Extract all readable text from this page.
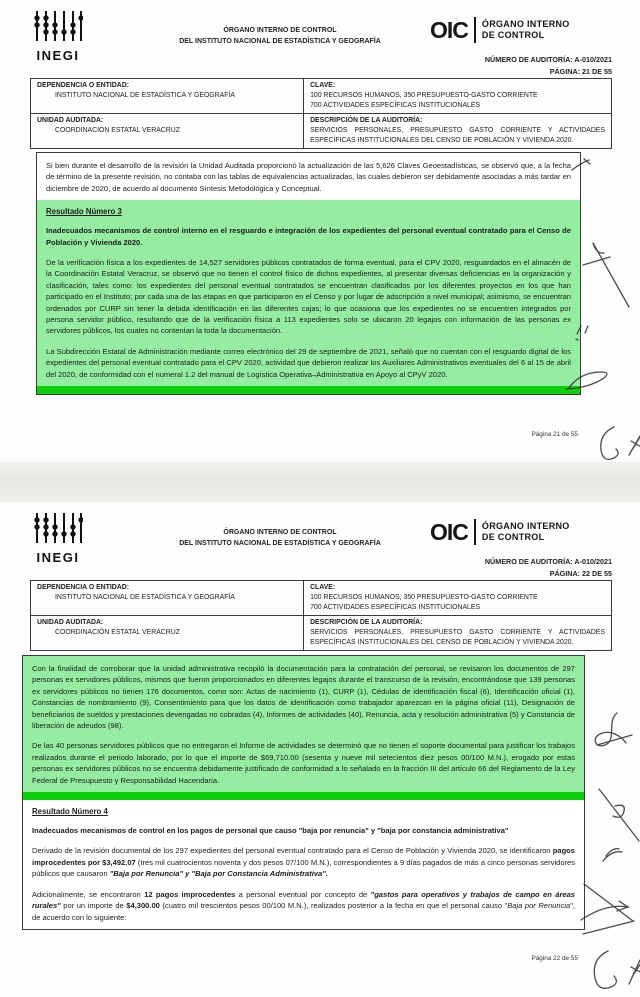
INEGI
ÓRGANO INTERNO DE CONTROL
DEL INSTITUTO NACIONAL DE ESTADÍSTICA Y GEOGRAFÍA	OIC ÓRGANO INTERNO
DE CONTROL
NÚMERO DE AUDITORÍA: A-010/2021
PÁGINA: 21 DE 55
DEPENDENCIA O ENTIDAD:
INSTITUTO NACIONAL DE ESTADÍSTICA Y GEOGRAFÍA

CLAVE:
100 RECURSOS HUMANOS, 350 PRESUPUESTO-GASTO CORRIENTE
700 ACTIVIDADES ESPECÍFICAS INSTITUCIONALES

UNIDAD AUDITADA:
COORDINACIÓN ESTATAL VERACRUZ

DESCRIPCIÓN DE LA AUDITORÍA:
SERVICIOS PERSONALES, PRESUPUESTO GASTO CORRIENTE Y ACTIVIDADES ESPECÍFICAS INSTITUCIONALES DEL CENSO DE POBLACIÓN Y VIVIENDA 2020.

Si bien durante el desarrollo de la revisión la Unidad Auditada proporcionó la actualización de las 5,626 Claves Geoestadísticas, se observó que, a la fecha de término de la presente revisión, no contaba con las tablas de equivalencias actualizadas, las cuales debieron ser debidamente asociadas a más tardar en diciembre de 2020, de acuerdo al documento Síntesis Metodológica y Conceptual.

Resultado Número 3

Inadecuados mecanismos de control interno en el resguardo e integración de los expedientes del personal eventual contratado para el Censo de Población y Vivienda 2020.

De la verificación física a los expedientes de 14,527 servidores públicos contratados de forma eventual, para el CPV 2020, resguardados en el almacén de la Coordinación Estatal Veracruz, se observó que no tienen el control físico de dichos expedientes, al presentar diversas deficiencias en la organización y clasificación, tales como: los expedientes del personal eventual contratados se encuentran clasificados por los diferentes proyectos en los que han participado en el Instituto; por cada una de las etapas en que participaron en el Censo y por lugar de adscripción a nivel municipal; asimismo, se encuentran ordenados por CURP sin tener la debida identificación en las diferentes cajas; lo que ocasiona que los expedientes no se encuentren integrados por persona servidor público, resultando que de la verificación física a 113 expedientes solo se ubicaron 20 legajos con información de las personas ex servidores públicos, los cuales no contenían la toda la documentación.

La Subdirección Estatal de Administración mediante correo electrónico del 29 de septiembre de 2021, señaló que no cuentan con el resguardo digital de los expedientes del personal eventual contratado para el CPV 2020, actividad que debieron realizar los Auxiliares Administrativos eventuales del 6 al 15 de abril del 2020, de conformidad con el numeral 1.2 del manual de Logística Operativa–Administrativa en Apoyo al CPyV 2020.

Página 21 de 55
INEGI
ÓRGANO INTERNO DE CONTROL
DEL INSTITUTO NACIONAL DE ESTADÍSTICA Y GEOGRAFÍA	OIC ÓRGANO INTERNO
DE CONTROL
NÚMERO DE AUDITORÍA: A-010/2021
PÁGINA: 22 DE 55
DEPENDENCIA O ENTIDAD:
INSTITUTO NACIONAL DE ESTADÍSTICA Y GEOGRAFÍA

CLAVE:
100 RECURSOS HUMANOS, 350 PRESUPUESTO-GASTO CORRIENTE
700 ACTIVIDADES ESPECÍFICAS INSTITUCIONALES

UNIDAD AUDITADA:
COORDINACIÓN ESTATAL VERACRUZ

DESCRIPCIÓN DE LA AUDITORÍA:
SERVICIOS PERSONALES, PRESUPUESTO GASTO CORRIENTE Y ACTIVIDADES ESPECÍFICAS INSTITUCIONALES DEL CENSO DE POBLACIÓN Y VIVIENDA 2020.

Con la finalidad de corroborar que la unidad administrativa recopiló la documentación para la contratación del personal, se revisaron los documentos de 297 personas ex servidores públicos, mismos que fueron proporcionados en diferentes legajos durante el transcurso de la revisión, encontrándose que 139 personas ex servidores públicos no tienen 176 documentos, como son: Actas de nacimiento (1), CURP (1), Cédulas de identificación fiscal (6), Identificación oficial (1), Constancias de nombramiento (9), Consentimiento para que los datos de identificación como trabajador aparezcan en la página oficial (11), Designación de beneficiarios de sueldos y prestaciones devengadas no cobradas (4), Informes de actividades (40), Renuncia, acta y resolución administrativa (5) y Constancia de liberación de adeudos (98).

De las 40 personas servidores públicos que no entregaron el Informe de actividades se determinó que no tienen el soporte documental para justificar los trabajos realizados durante el periodo laborado, por lo que el importe de $69,710.00 (sesenta y nueve mil setecientos diez pesos 00/100 M.N.), erogado por estas personas ex servidores públicos no se encuentra debidamente justificado de conformidad a lo señalado en la fracción III del artículo 66 del Reglamento de la Ley Federal de Presupuesto y Responsabilidad Hacendaria.

Resultado Número 4

Inadecuados mecanismos de control en los pagos de personal que causo "baja por renuncia" y "baja por constancia administrativa"

Derivado de la revisión documental de los 297 expedientes del personal eventual contratado para el Censo de Población y Vivienda 2020, se identificaron pagos improcedentes por $3,492.07 (tres mil cuatrocientos noventa y dos pesos 07/100 M.N.), correspondientes a 9 días pagados de más a cinco personas servidores públicos que causaron "Baja por Renuncia" y "Baja por Constancia Administrativa".

Adicionalmente, se encontraron 12 pagos improcedentes a personal eventual por concepto de "gastos para operativos y trabajos de campo en áreas rurales" por un importe de $4,300.00 (cuatro mil trescientos pesos 00/100 M.N.), realizados posterior a la fecha en que el personal causo "Baja por Renuncia", de acuerdo con lo siguiente:

Página 22 de 55
